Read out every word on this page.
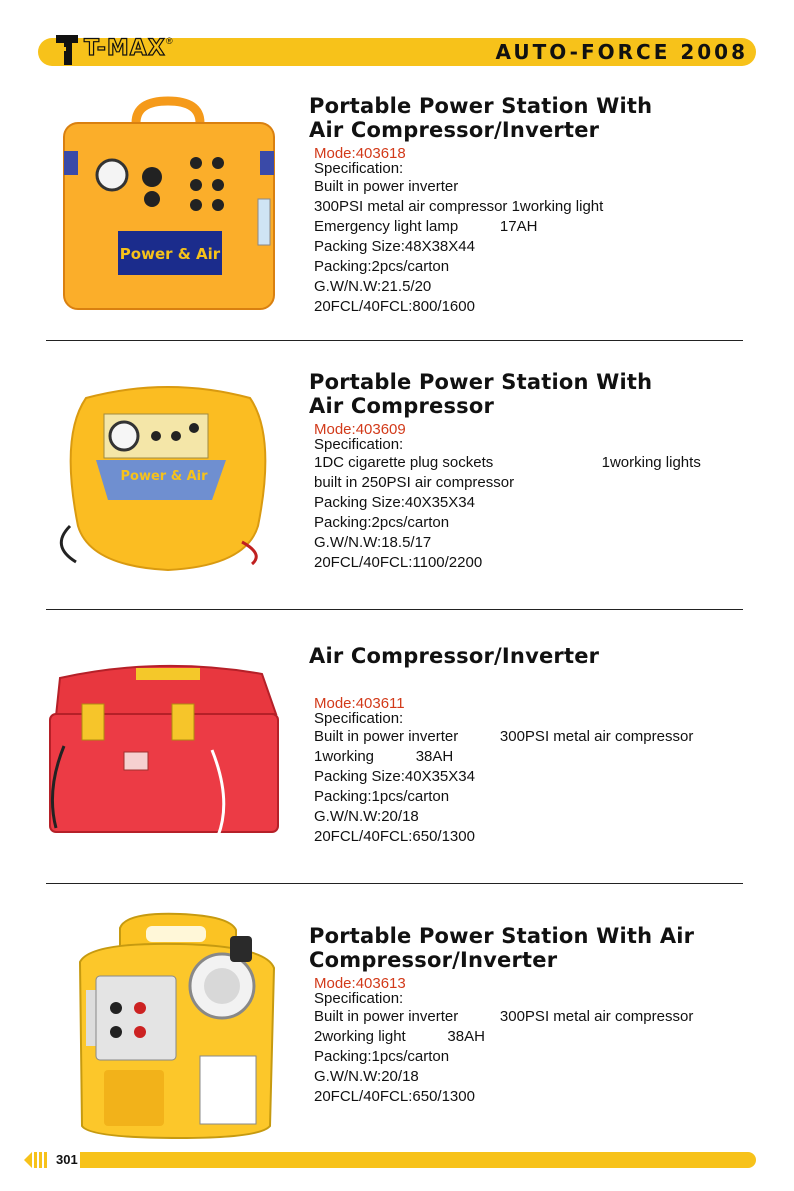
T-MAX ®	AUTO-FORCE 2008
Power & Air
Portable Power Station With
Air Compressor/Inverter
Mode:403618
Specification:
Built in power inverter
300PSI metal air compressor 1working light
Emergency light lamp          17AH
Packing Size:48X38X44
Packing:2pcs/carton
G.W/N.W:21.5/20
20FCL/40FCL:800/1600
Power & Air
Portable Power Station With
Air Compressor
Mode:403609
Specification:
1DC cigarette plug sockets                          1working lights
built in 250PSI air compressor
Packing Size:40X35X34
Packing:2pcs/carton
G.W/N.W:18.5/17
20FCL/40FCL:1100/2200
Air Compressor/Inverter
Mode:403611
Specification:
Built in power inverter          300PSI metal air compressor
1working          38AH
Packing Size:40X35X34
Packing:1pcs/carton
G.W/N.W:20/18
20FCL/40FCL:650/1300
Portable Power Station With Air
Compressor/Inverter
Mode:403613
Specification:
Built in power inverter          300PSI metal air compressor
2working light          38AH
Packing:1pcs/carton
G.W/N.W:20/18
20FCL/40FCL:650/1300
301
